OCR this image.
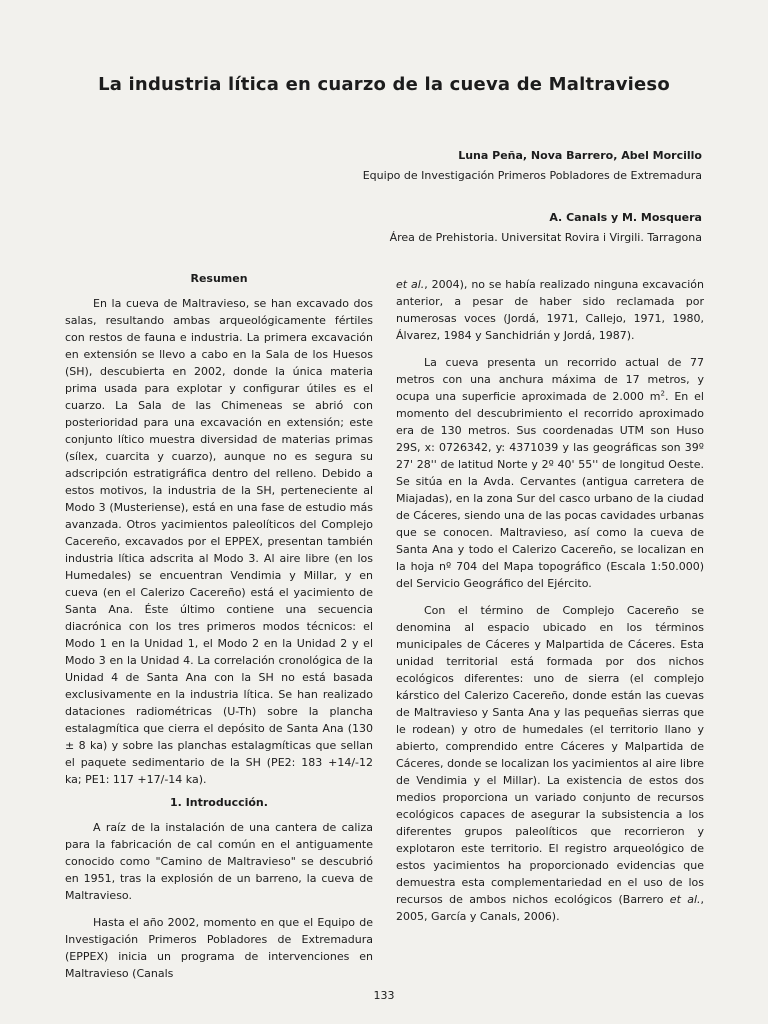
La industria lítica en cuarzo de la cueva de Maltravieso
Luna Peña, Nova Barrero, Abel Morcillo
Equipo de Investigación Primeros Pobladores de Extremadura
A. Canals y M. Mosquera
Área de Prehistoria. Universitat Rovira i Virgili. Tarragona
Resumen

En la cueva de Maltravieso, se han excavado dos salas, resultando ambas arqueológicamente fértiles con restos de fauna e industria. La primera excavación en extensión se llevo a cabo en la Sala de los Huesos (SH), descubierta en 2002, donde la única materia prima usada para explotar y configurar útiles es el cuarzo. La Sala de las Chimeneas se abrió con posterioridad para una excavación en extensión; este conjunto lítico muestra diversidad de materias primas (sílex, cuarcita y cuarzo), aunque no es segura su adscripción estratigráfica dentro del relleno. Debido a estos motivos, la industria de la SH, perteneciente al Modo 3 (Musteriense), está en una fase de estudio más avanzada. Otros yacimientos paleolíticos del Complejo Cacereño, excavados por el EPPEX, presentan también industria lítica adscrita al Modo 3. Al aire libre (en los Humedales) se encuentran Vendimia y Millar, y en cueva (en el Calerizo Cacereño) está el yacimiento de Santa Ana. Éste último contiene una secuencia diacrónica con los tres primeros modos técnicos: el Modo 1 en la Unidad 1, el Modo 2 en la Unidad 2 y el Modo 3 en la Unidad 4. La correlación cronológica de la Unidad 4 de Santa Ana con la SH no está basada exclusivamente en la industria lítica. Se han realizado dataciones radiométricas (U-Th) sobre la plancha estalagmítica que cierra el depósito de Santa Ana (130 ± 8 ka) y sobre las planchas estalagmíticas que sellan el paquete sedimentario de la SH (PE2: 183 +14/-12 ka; PE1: 117 +17/-14 ka).

1. Introducción.

A raíz de la instalación de una cantera de caliza para la fabricación de cal común en el antiguamente conocido como "Camino de Maltravieso" se descubrió en 1951, tras la explosión de un barreno, la cueva de Maltravieso.

Hasta el año 2002, momento en que el Equipo de Investigación Primeros Pobladores de Extremadura (EPPEX) inicia un programa de intervenciones en Maltravieso (Canals

et al., 2004), no se había realizado ninguna excavación anterior, a pesar de haber sido reclamada por numerosas voces (Jordá, 1971, Callejo, 1971, 1980, Álvarez, 1984 y Sanchidrián y Jordá, 1987).

La cueva presenta un recorrido actual de 77 metros con una anchura máxima de 17 metros, y ocupa una superficie aproximada de 2.000 $m^2$. En el momento del descubrimiento el recorrido aproximado era de 130 metros. Sus coordenadas UTM son Huso 29S, x: 0726342, y: 4371039 y las geográficas son 39º 27' 28'' de latitud Norte y 2º 40' 55'' de longitud Oeste. Se sitúa en la Avda. Cervantes (antigua carretera de Miajadas), en la zona Sur del casco urbano de la ciudad de Cáceres, siendo una de las pocas cavidades urbanas que se conocen. Maltravieso, así como la cueva de Santa Ana y todo el Calerizo Cacereño, se localizan en la hoja nº 704 del Mapa topográfico (Escala 1:50.000) del Servicio Geográfico del Ejército.

Con el término de Complejo Cacereño se denomina al espacio ubicado en los términos municipales de Cáceres y Malpartida de Cáceres. Esta unidad territorial está formada por dos nichos ecológicos diferentes: uno de sierra (el complejo kárstico del Calerizo Cacereño, donde están las cuevas de Maltravieso y Santa Ana y las pequeñas sierras que le rodean) y otro de humedales (el territorio llano y abierto, comprendido entre Cáceres y Malpartida de Cáceres, donde se localizan los yacimientos al aire libre de Vendimia y el Millar). La existencia de estos dos medios proporciona un variado conjunto de recursos ecológicos capaces de asegurar la subsistencia a los diferentes grupos paleolíticos que recorrieron y explotaron este territorio. El registro arqueológico de estos yacimientos ha proporcionado evidencias que demuestra esta complementariedad en el uso de los recursos de ambos nichos ecológicos (Barrero et al., 2005, García y Canals, 2006).

133
